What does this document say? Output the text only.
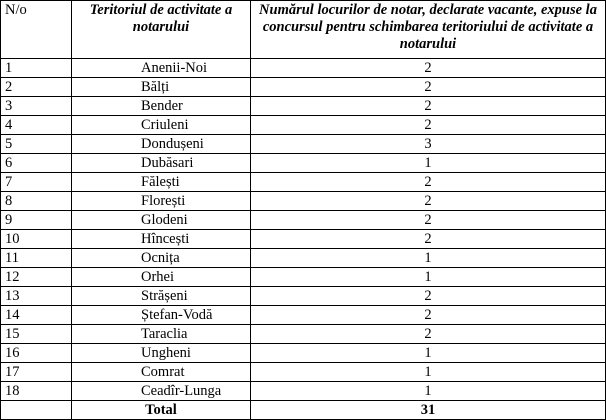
N/o	Teritoriul de activitate a notarului	Numărul locurilor de notar, declarate vacante, expuse la concursul pentru schimbarea teritoriului de activitate a notarului
1	Anenii-Noi	2
2	Bălți	2
3	Bender	2
4	Criuleni	2
5	Dondușeni	3
6	Dubăsari	1
7	Fălești	2
8	Florești	2
9	Glodeni	2
10	Hîncești	2
11	Ocnița	1
12	Orhei	1
13	Strășeni	2
14	Ștefan-Vodă	2
15	Taraclia	2
16	Ungheni	1
17	Comrat	1
18	Ceadîr-Lunga	1
	Total	31
